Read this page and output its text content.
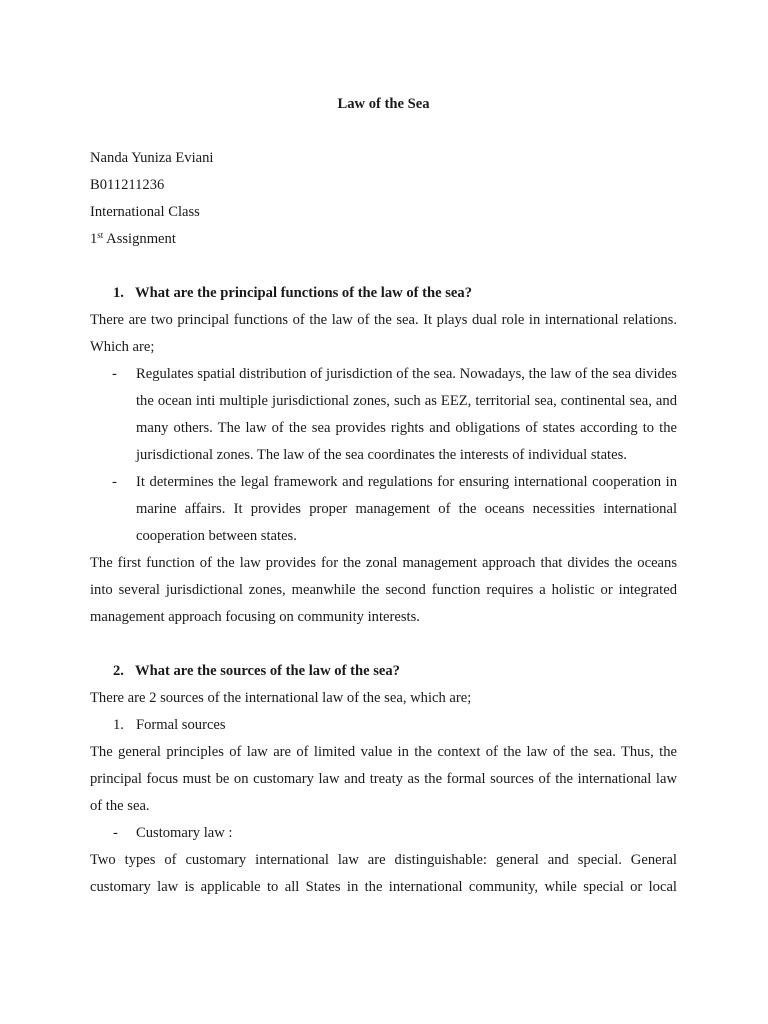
Law of the Sea
Nanda Yuniza Eviani
B011211236
International Class
1st Assignment
1. What are the principal functions of the law of the sea?

There are two principal functions of the law of the sea. It plays dual role in international relations. Which are;

-	Regulates spatial distribution of jurisdiction of the sea. Nowadays, the law of the sea divides the ocean inti multiple jurisdictional zones, such as EEZ, territorial sea, continental sea, and many others. The law of the sea provides rights and obligations of states according to the jurisdictional zones. The law of the sea coordinates the interests of individual states.
-	It determines the legal framework and regulations for ensuring international cooperation in marine affairs. It provides proper management of the oceans necessities international cooperation between states.

The first function of the law provides for the zonal management approach that divides the oceans into several jurisdictional zones, meanwhile the second function requires a holistic or integrated management approach focusing on community interests.

2. What are the sources of the law of the sea?

There are 2 sources of the international law of the sea, which are;

1. Formal sources

The general principles of law are of limited value in the context of the law of the sea. Thus, the principal focus must be on customary law and treaty as the formal sources of the international law of the sea.

-	Customary law :

Two types of customary international law are distinguishable: general and special. General customary law is applicable to all States in the international community, while special or local
